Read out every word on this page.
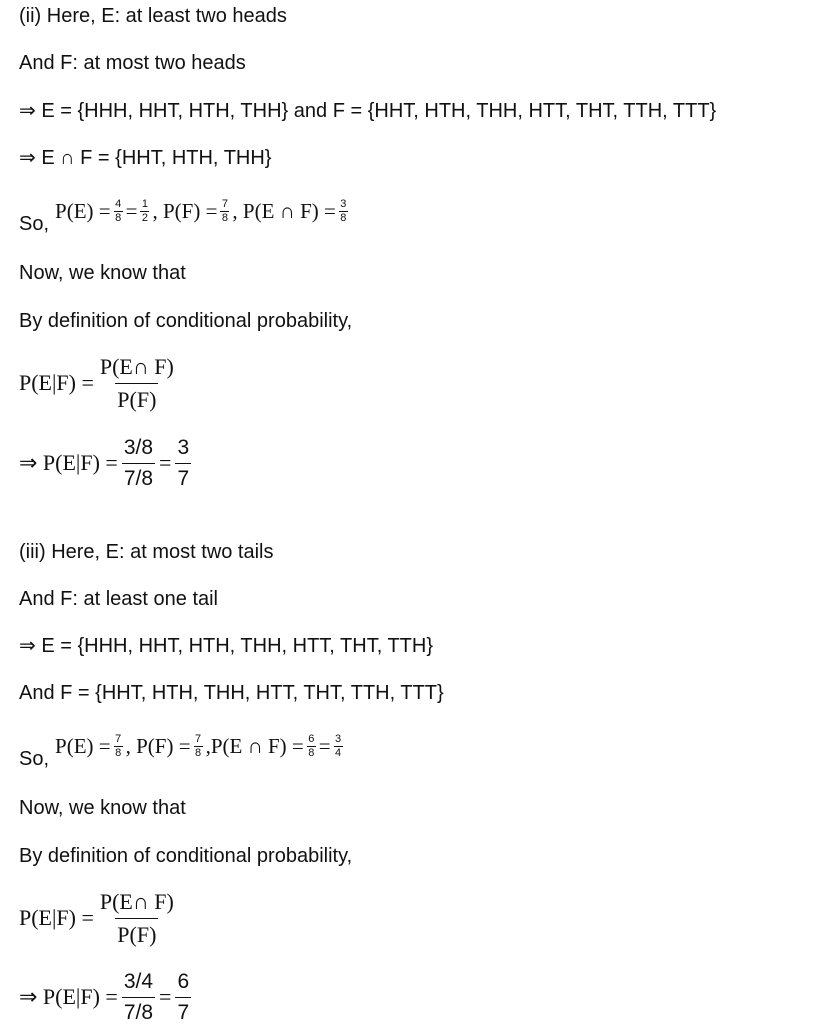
(ii) Here, E: at least two heads
And F: at most two heads
⇒ E = {HHH, HHT, HTH, THH} and F = {HHT, HTH, THH, HTT, THT, TTH, TTT}
⇒ E ∩ F = {HHT, HTH, THH}
So,
P(E) = 4
8 = 1
2 , P(F) = 7
8 , P(E ∩ F) = 3
8
Now, we know that
By definition of conditional probability,
$P(E|F) = \frac{P(E\cap F)}{P(F)}$
⇒ $P(E|F) = \frac{3/8}{7/8} = \frac{3}{7}$
(iii) Here, E: at most two tails
And F: at least one tail
⇒ E = {HHH, HHT, HTH, THH, HTT, THT, TTH}
And F = {HHT, HTH, THH, HTT, THT, TTH, TTT}
So,
P(E) = 7
8 , P(F) = 7
8 ,P(E ∩ F) = 6
8 = 3
4
Now, we know that
By definition of conditional probability,
$P(E|F) = \frac{P(E\cap F)}{P(F)}$
⇒ $P(E|F) = \frac{3/4}{7/8} = \frac{6}{7}$
